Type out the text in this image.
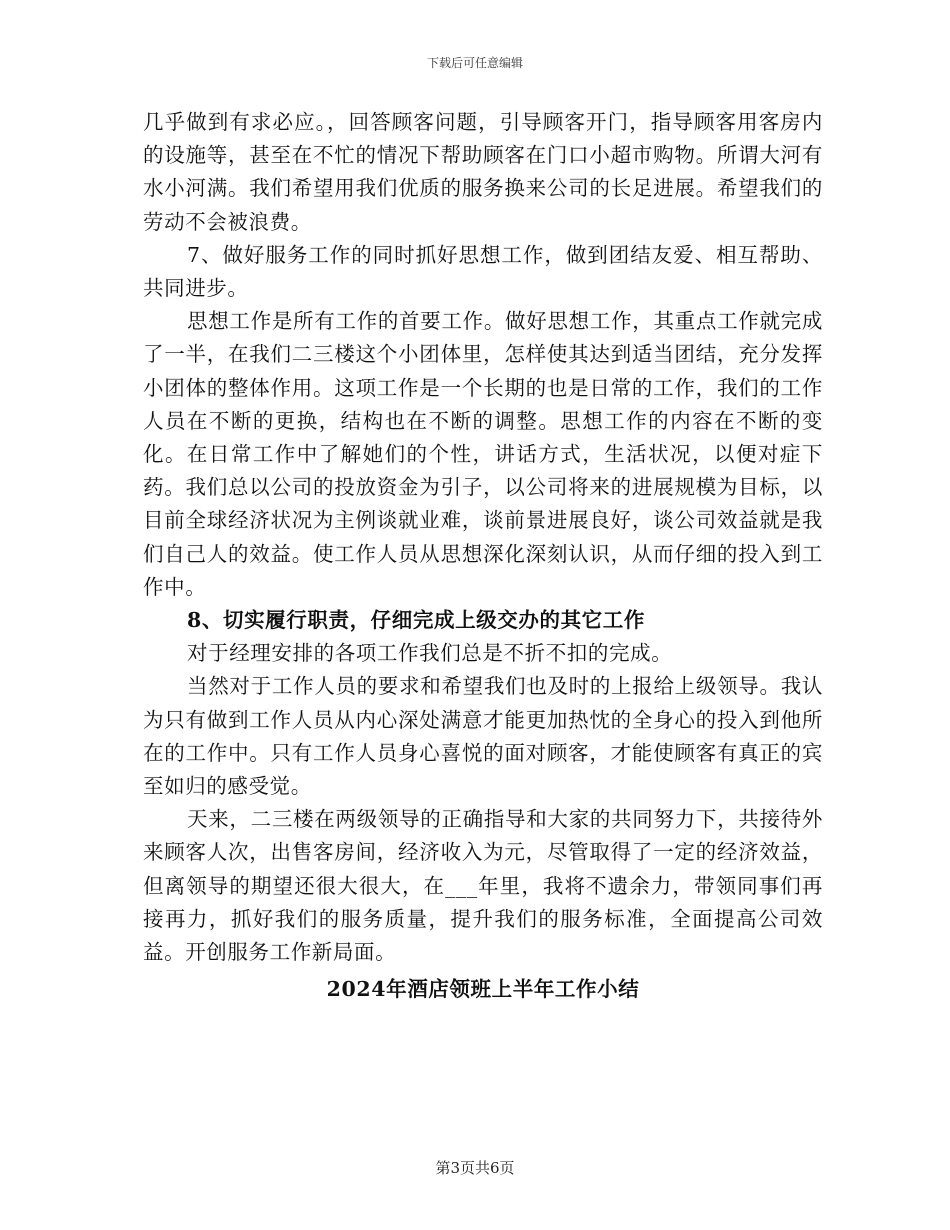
下载后可任意编辑

几乎做到有求必应。，回答顾客问题，引导顾客开门，指导顾客用客房内的设施等，甚至在不忙的情况下帮助顾客在门口小超市购物。所谓大河有水小河满。我们希望用我们优质的服务换来公司的长足进展。希望我们的劳动不会被浪费。

7、做好服务工作的同时抓好思想工作，做到团结友爱、相互帮助、共同进步。

思想工作是所有工作的首要工作。做好思想工作，其重点工作就完成了一半，在我们二三楼这个小团体里，怎样使其达到适当团结，充分发挥小团体的整体作用。这项工作是一个长期的也是日常的工作，我们的工作人员在不断的更换，结构也在不断的调整。思想工作的内容在不断的变化。在日常工作中了解她们的个性，讲话方式，生活状况，以便对症下药。我们总以公司的投放资金为引子，以公司将来的进展规模为目标，以目前全球经济状况为主例谈就业难，谈前景进展良好，谈公司效益就是我们自己人的效益。使工作人员从思想深化深刻认识，从而仔细的投入到工作中。

8、切实履行职责，仔细完成上级交办的其它工作

对于经理安排的各项工作我们总是不折不扣的完成。

当然对于工作人员的要求和希望我们也及时的上报给上级领导。我认为只有做到工作人员从内心深处满意才能更加热忱的全身心的投入到他所在的工作中。只有工作人员身心喜悦的面对顾客，才能使顾客有真正的宾至如归的感受觉。

天来，二三楼在两级领导的正确指导和大家的共同努力下，共接待外来顾客人次，出售客房间，经济收入为元，尽管取得了一定的经济效益，但离领导的期望还很大很大，在___年里，我将不遗余力，带领同事们再接再力，抓好我们的服务质量，提升我们的服务标准，全面提高公司效益。开创服务工作新局面。

2024年酒店领班上半年工作小结

第3页共6页
